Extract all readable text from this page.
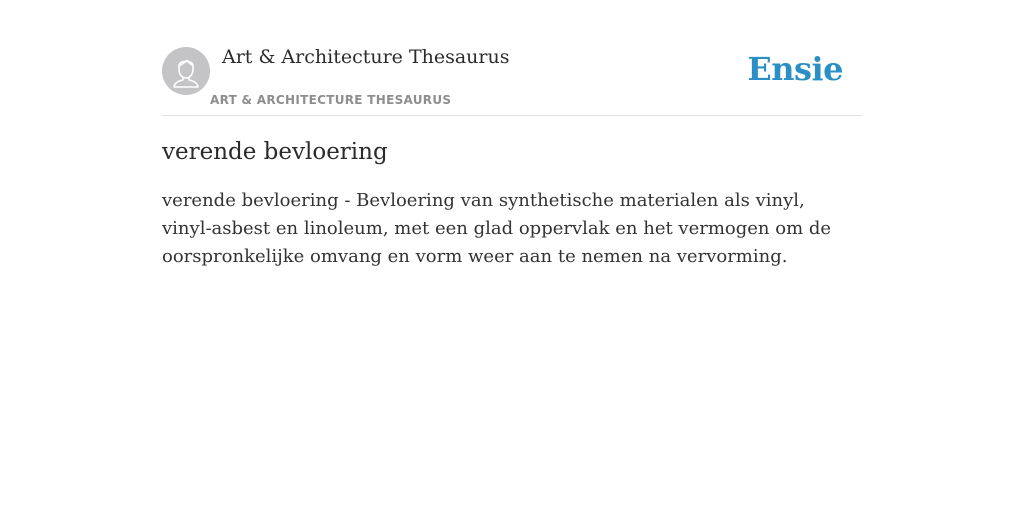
Art & Architecture Thesaurus
ART & ARCHITECTURE THESAURUS
Ensie
verende bevloering

verende bevloering - Bevloering van synthetische materialen als vinyl, vinyl-asbest en linoleum, met een glad oppervlak en het vermogen om de oorspronkelijke omvang en vorm weer aan te nemen na vervorming.
